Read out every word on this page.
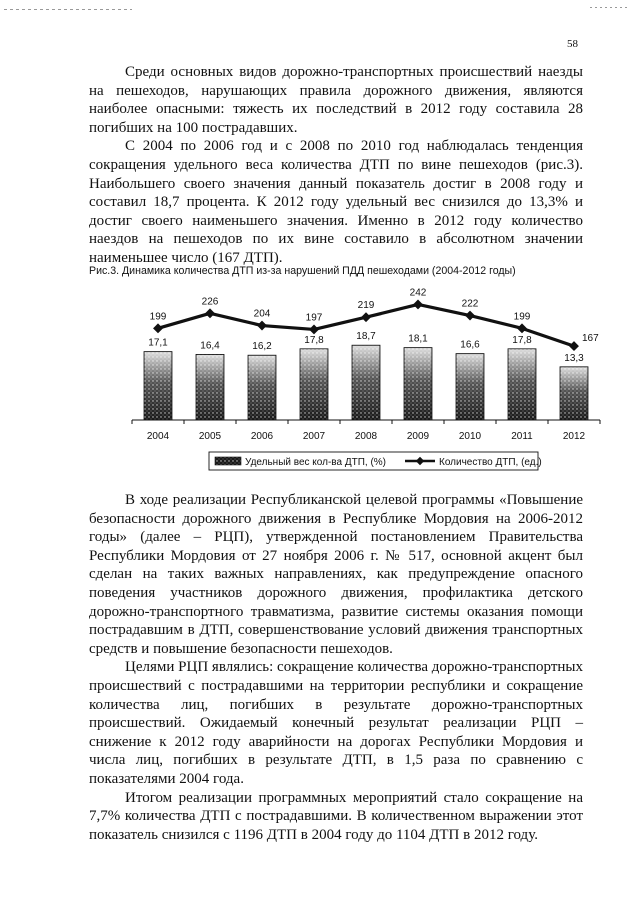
58

Среди основных видов дорожно-транспортных происшествий наезды на пешеходов, нарушающих правила дорожного движения, являются наиболее опасными: тяжесть их последствий в 2012 году составила 28 погибших на 100 пострадавших.

С 2004 по 2006 год и с 2008 по 2010 год наблюдалась тенденция сокращения удельного веса количества ДТП по вине пешеходов (рис.3). Наибольшего своего значения данный показатель достиг в 2008 году и составил 18,7 процента. К 2012 году удельный вес снизился до 13,3% и достиг своего наименьшего значения. Именно в 2012 году количество наездов на пешеходов по их вине составило в абсолютном значении наименьшее число (167 ДТП).

Рис.3. Динамика количества ДТП из-за нарушений ПДД пешеходами (2004-2012 годы)
17,1	16,4	16,2
17,8	18,7	18,1
16,6	17,8
13,3
2004	2005	2006	2007	2008	2009	2010	2011	2012
199
226
204	197
219
242
222
199
167
Удельный вес кол-ва ДТП, (%)	Количество ДТП, (ед.)

В ходе реализации Республиканской целевой программы «Повышение безопасности дорожного движения в Республике Мордовия на 2006-2012 годы» (далее – РЦП), утвержденной постановлением Правительства Республики Мордовия от 27 ноября 2006 г. № 517, основной акцент был сделан на таких важных направлениях, как предупреждение опасного поведения участников дорожного движения, профилактика детского дорожно-транспортного травматизма, развитие системы оказания помощи пострадавшим в ДТП, совершенствование условий движения транспортных средств и повышение безопасности пешеходов.

Целями РЦП являлись: сокращение количества дорожно-транспортных происшествий с пострадавшими на территории республики и сокращение количества лиц, погибших в результате дорожно-транспортных происшествий. Ожидаемый конечный результат реализации РЦП – снижение к 2012 году аварийности на дорогах Республики Мордовия и числа лиц, погибших в результате ДТП, в 1,5 раза по сравнению с показателями 2004 года.

Итогом реализации программных мероприятий стало сокращение на 7,7% количества ДТП с пострадавшими. В количественном выражении этот показатель снизился с 1196 ДТП в 2004 году до 1104 ДТП в 2012 году.
